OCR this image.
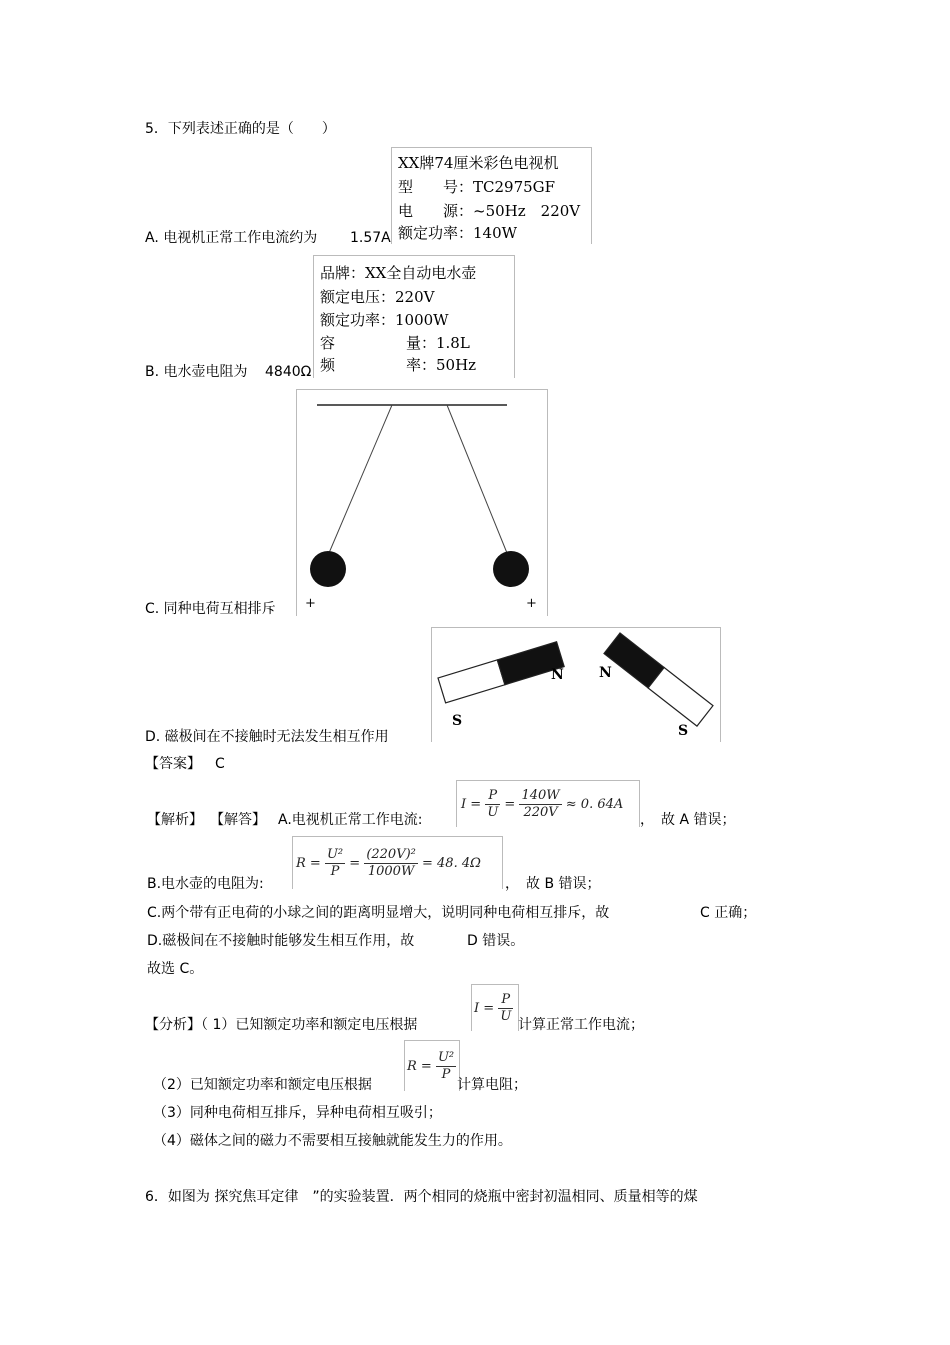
5．下列表述正确的是（　　）
XX牌74厘米彩色电视机
型　　号：TC2975GF
电　　源：~50Hz　220V
额定功率：140W
A. 电视机正常工作电流约为 1.57A
品牌：XX全自动电水壶
额定电压：220V
额定功率：1000W
容	量：1.8L
频	率：50Hz
B. 电水壶电阻为 4840Ω
+	+
C. 同种电荷互相排斥
N
S
N
S
D. 磁极间在不接触时无法发生相互作用
【答案】 C
【解析】 【解答】 A.电视机正常工作电流:
$I = \frac{P}{U} = \frac{140W}{220V}$
≈ 0. 64A
，　故 A 错误；
B.电水壶的电阻为:
$R = \frac{\text{U²}}{P} = \frac{\text{(220V)²}}{1000W}$
= 48. 4Ω
，　故 B 错误；
C.两个带有正电荷的小球之间的距离明显增大，说明同种电荷相互排斥，故	C 正确；
D.磁极间在不接触时能够发生相互作用，故	D 错误。
故选 C。
【分析】（ 1）已知额定功率和额定电压根据
$I = \frac{P}{U}$
计算正常工作电流；
（2）已知额定功率和额定电压根据
$R = \frac{\text{U²}}{P}$
计算电阻；
（3）同种电荷相互排斥，异种电荷相互吸引；
（4）磁体之间的磁力不需要相互接触就能发生力的作用。
6．如图为 探究焦耳定律　”的实验装置．两个相同的烧瓶中密封初温相同、质量相等的煤
